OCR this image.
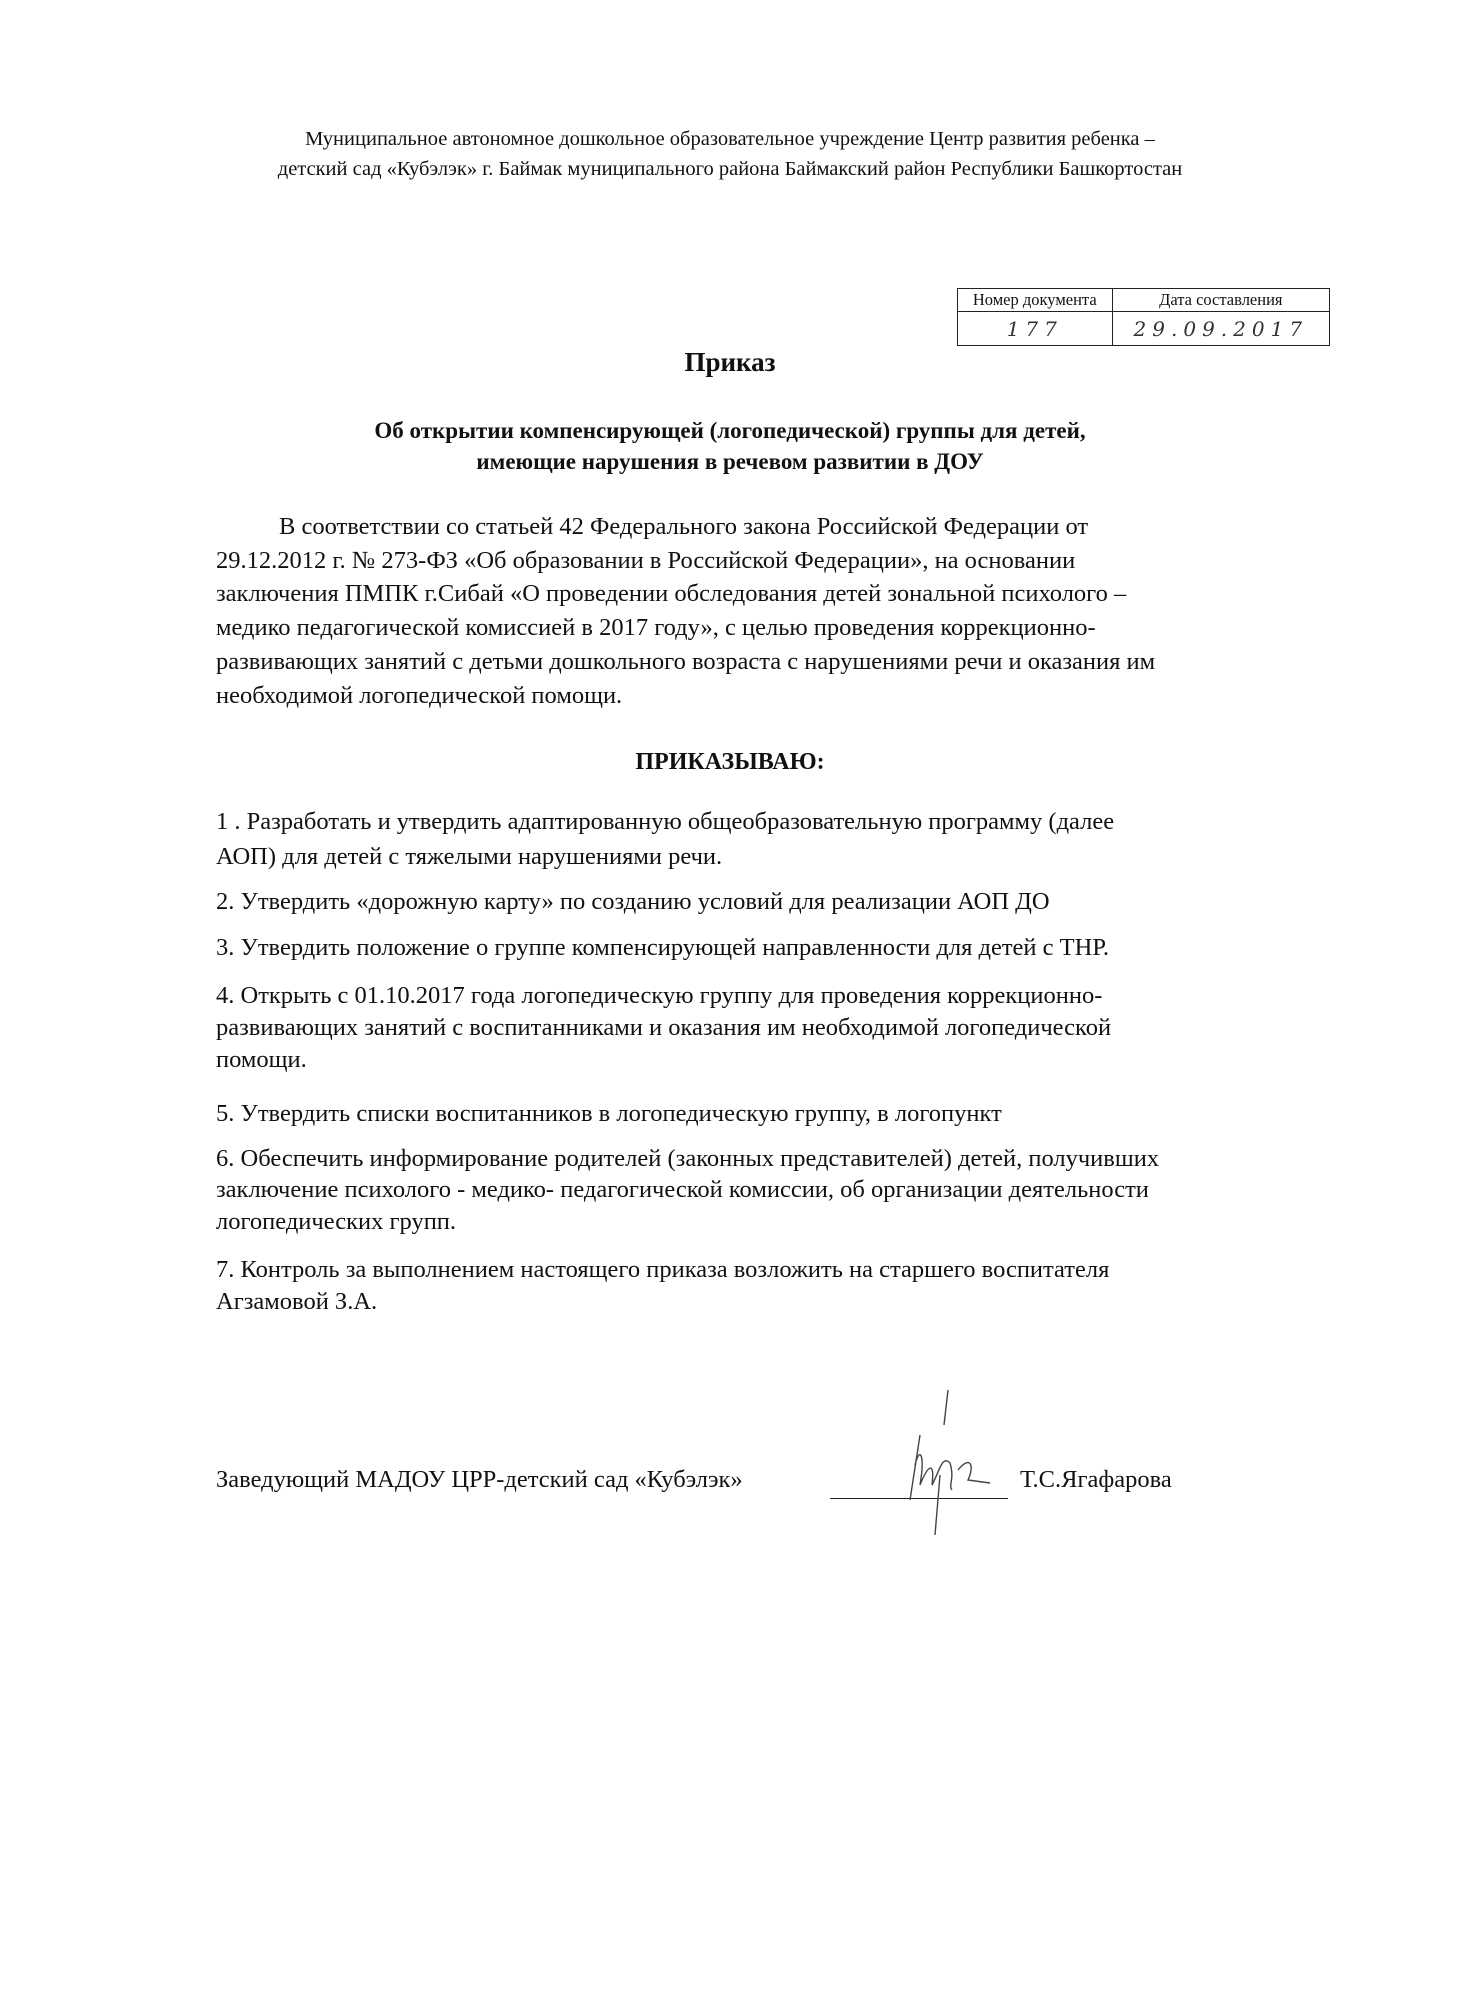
Муниципальное автономное дошкольное образовательное учреждение Центр развития ребенка –
детский сад «Кубэлэк» г. Баймак муниципального района Баймакский район Республики Башкортостан
Номер документа	Дата составления
177	29.09.2017
Приказ
Об открытии компенсирующей (логопедической) группы для детей,
имеющие нарушения в речевом развитии в ДОУ
В соответствии со статьей 42 Федерального закона Российской Федерации от
29.12.2012 г. № 273-ФЗ «Об образовании в Российской Федерации», на основании
заключения ПМПК г.Сибай «О проведении обследования детей зональной психолого –
медико педагогической комиссией в 2017 году», с целью проведения коррекционно-
развивающих занятий с детьми дошкольного возраста с нарушениями речи и оказания им
необходимой логопедической помощи.
ПРИКАЗЫВАЮ:
1 . Разработать и утвердить адаптированную общеобразовательную программу (далее
АОП) для детей с тяжелыми нарушениями речи.
2. Утвердить «дорожную карту» по созданию условий для реализации АОП ДО
3. Утвердить положение о группе компенсирующей направленности для детей с ТНР.
4. Открыть с 01.10.2017 года логопедическую группу для проведения коррекционно-
развивающих занятий с воспитанниками и оказания им необходимой логопедической
помощи.
5. Утвердить списки воспитанников в логопедическую группу, в логопункт
6. Обеспечить информирование родителей (законных представителей) детей, получивших
заключение психолого - медико- педагогической комиссии, об организации деятельности
логопедических групп.
7. Контроль за выполнением настоящего приказа возложить на старшего воспитателя
Агзамовой З.А.
Заведующий МАДОУ ЦРР-детский сад «Кубэлэк»	Т.С.Ягафарова
